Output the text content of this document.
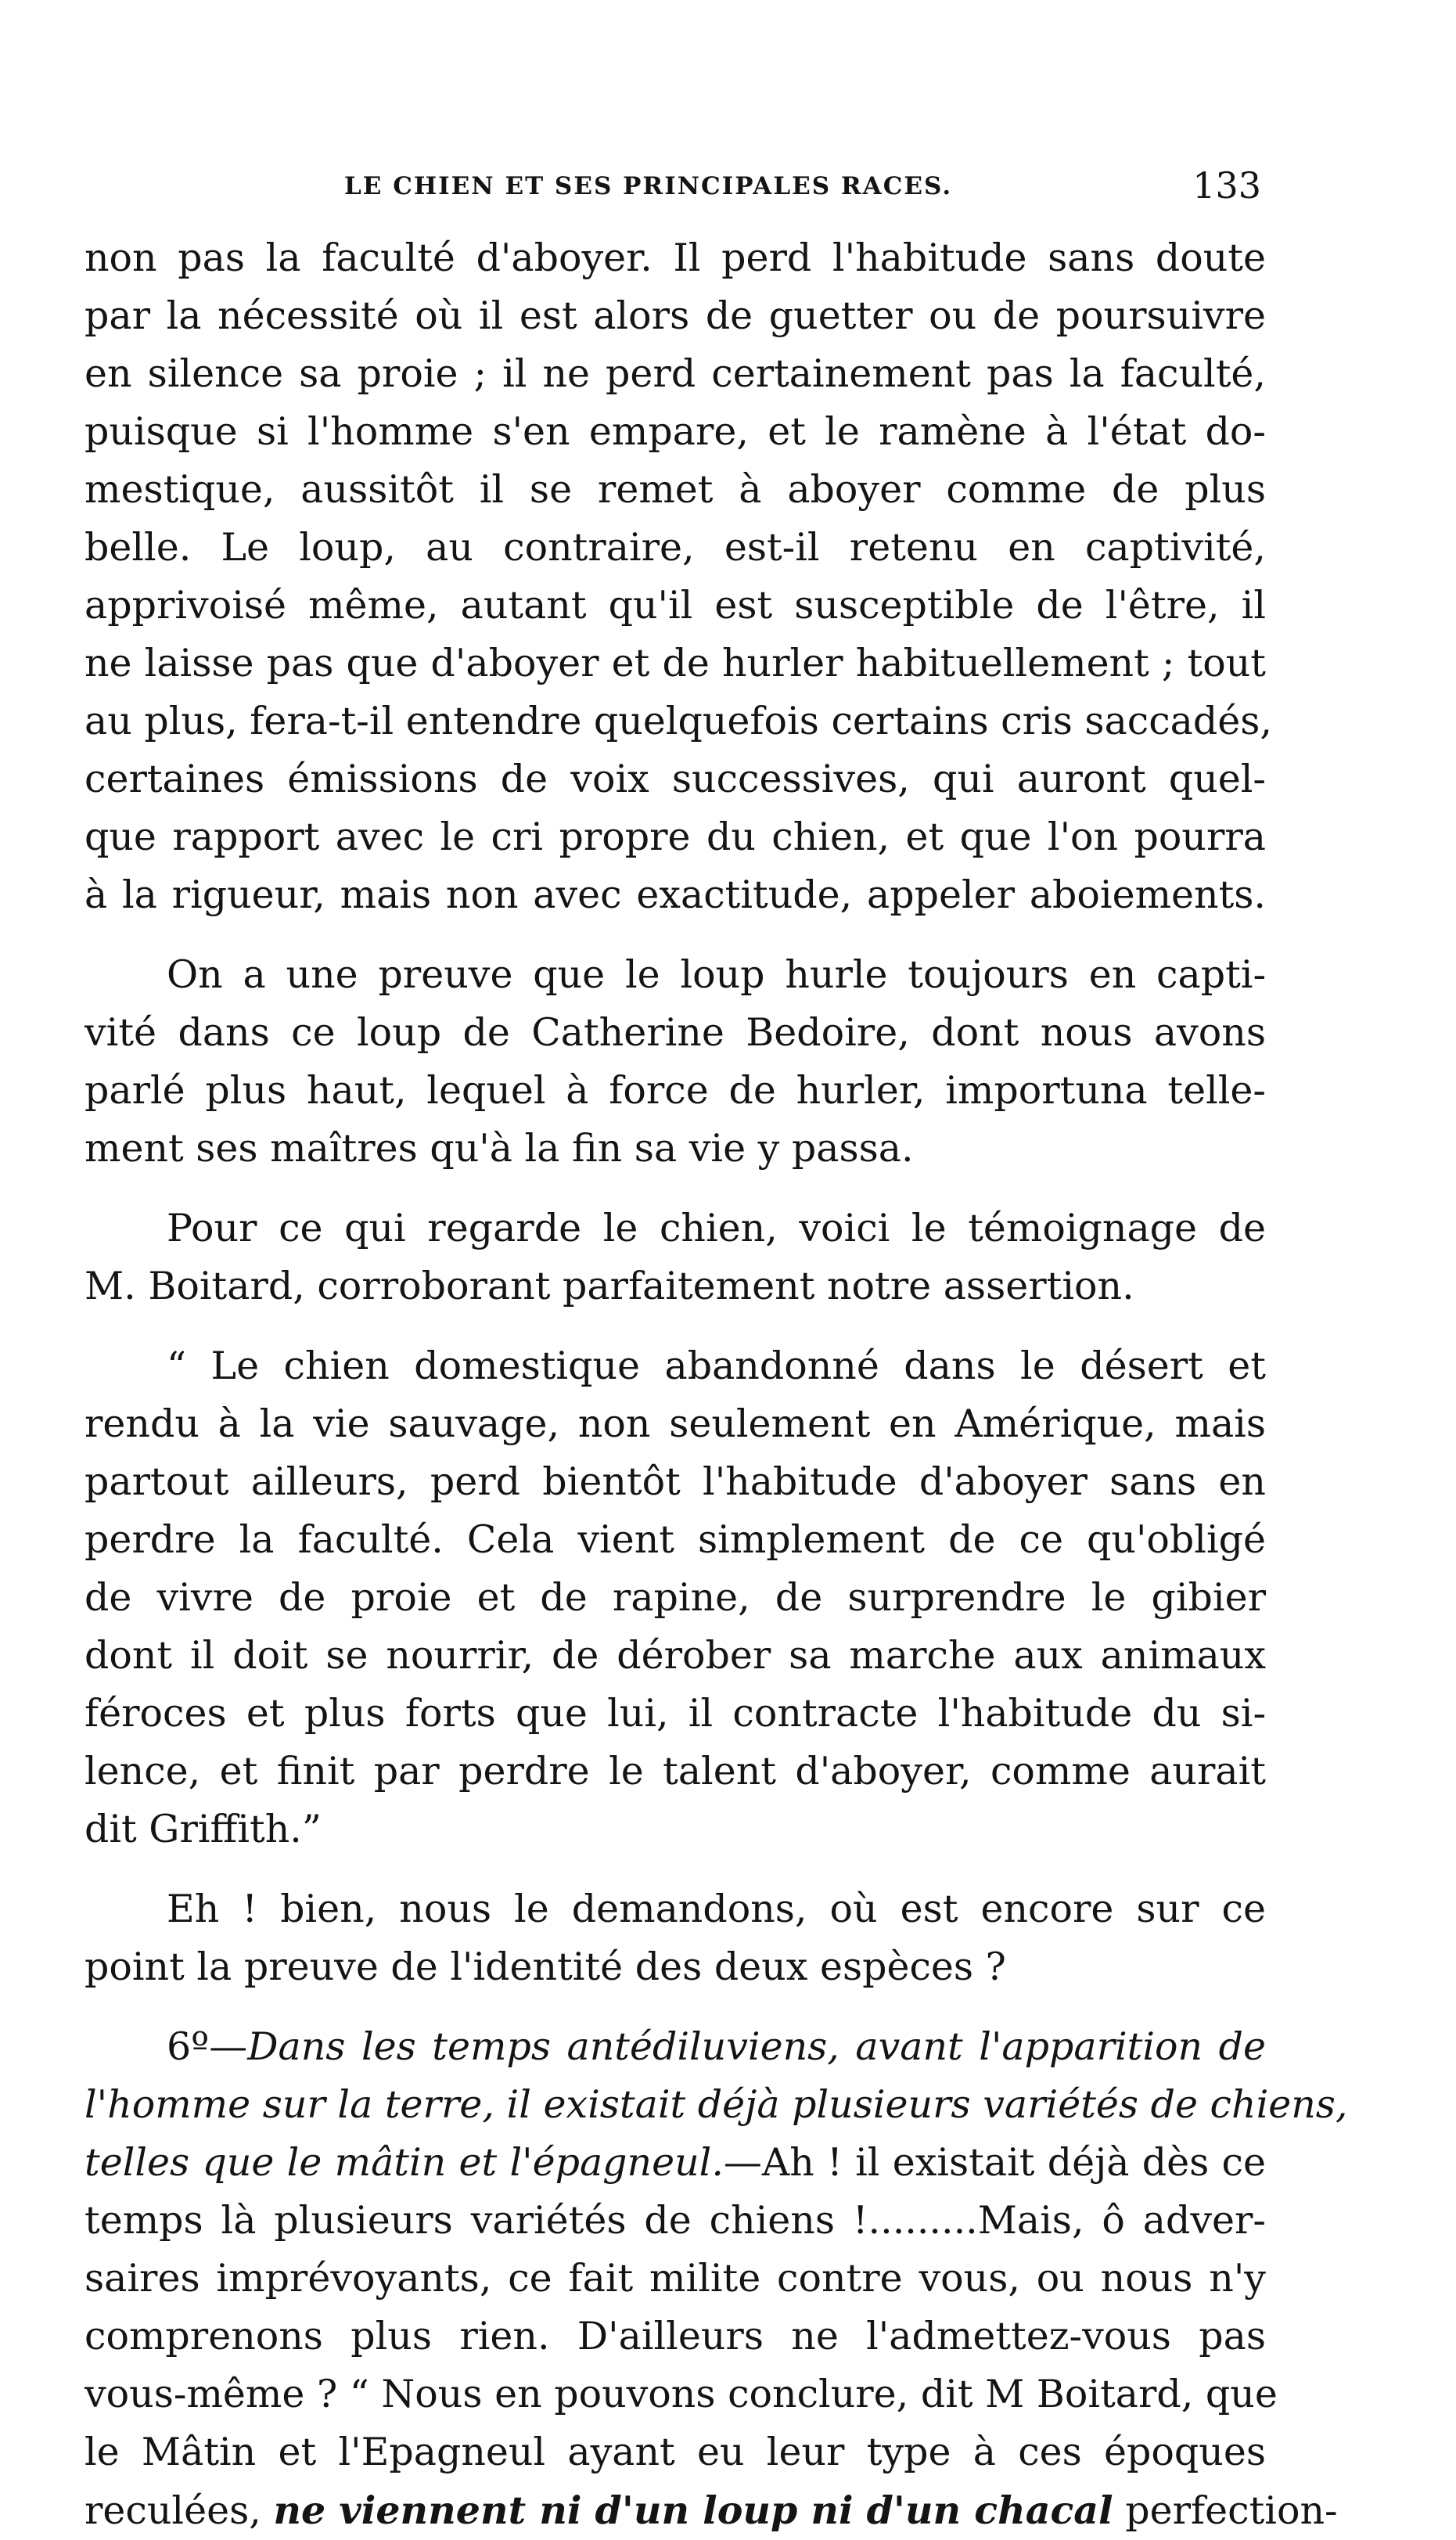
LE CHIEN ET SES PRINCIPALES RACES.	133
non pas la faculté d'aboyer. Il perd l'habitude sans doute
par la nécessité où il est alors de guetter ou de poursuivre
en silence sa proie ; il ne perd certainement pas la faculté,
puisque si l'homme s'en empare, et le ramène à l'état do-
mestique, aussitôt il se remet à aboyer comme de plus
belle. Le loup, au contraire, est-il retenu en captivité,
apprivoisé même, autant qu'il est susceptible de l'être, il
ne laisse pas que d'aboyer et de hurler habituellement ; tout
au plus, fera-t-il entendre quelquefois certains cris saccadés,
certaines émissions de voix successives, qui auront quel-
que rapport avec le cri propre du chien, et que l'on pourra
à la rigueur, mais non avec exactitude, appeler aboiements.
On a une preuve que le loup hurle toujours en capti-
vité dans ce loup de Catherine Bedoire, dont nous avons
parlé plus haut, lequel à force de hurler, importuna telle-
ment ses maîtres qu'à la fin sa vie y passa.
Pour ce qui regarde le chien, voici le témoignage de
M. Boitard, corroborant parfaitement notre assertion.
“ Le chien domestique abandonné dans le désert et
rendu à la vie sauvage, non seulement en Amérique, mais
partout ailleurs, perd bientôt l'habitude d'aboyer sans en
perdre la faculté. Cela vient simplement de ce qu'obligé
de vivre de proie et de rapine, de surprendre le gibier
dont il doit se nourrir, de dérober sa marche aux animaux
féroces et plus forts que lui, il contracte l'habitude du si-
lence, et finit par perdre le talent d'aboyer, comme aurait
dit Griffith.”
Eh ! bien, nous le demandons, où est encore sur ce
point la preuve de l'identité des deux espèces ?
6º—Dans les temps antédiluviens, avant l'apparition de
l'homme sur la terre, il existait déjà plusieurs variétés de chiens,
telles que le mâtin et l'épagneul.—Ah ! il existait déjà dès ce
temps là plusieurs variétés de chiens !.........Mais, ô adver-
saires imprévoyants, ce fait milite contre vous, ou nous n'y
comprenons plus rien. D'ailleurs ne l'admettez-vous pas
vous-même ? “ Nous en pouvons conclure, dit M Boitard, que
le Mâtin et l'Epagneul ayant eu leur type à ces époques
reculées, ne viennent ni d'un loup ni d'un chacal perfection-
